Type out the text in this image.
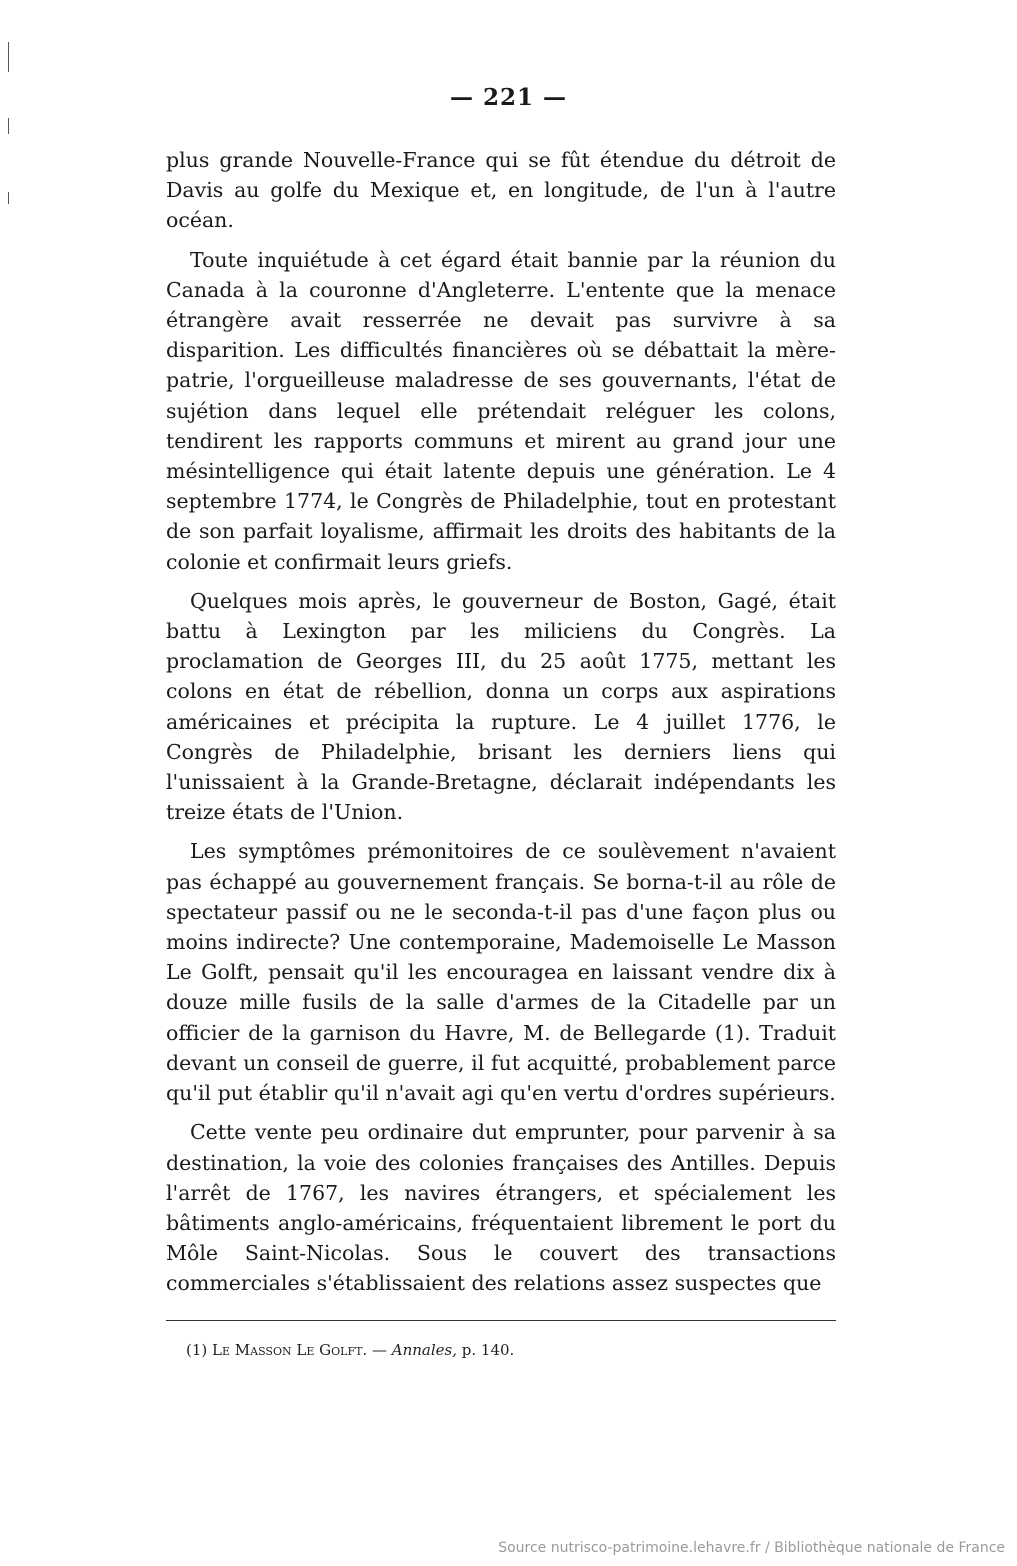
— 221 —

plus grande Nouvelle-France qui se fût étendue du détroit de Davis au golfe du Mexique et, en longitude, de l'un à l'autre océan.

Toute inquiétude à cet égard était bannie par la réunion du Canada à la couronne d'Angleterre. L'entente que la menace étrangère avait resserrée ne devait pas survivre à sa disparition. Les difficultés financières où se débattait la mère-patrie, l'orgueilleuse maladresse de ses gouvernants, l'état de sujétion dans lequel elle prétendait reléguer les colons, tendirent les rapports communs et mirent au grand jour une mésintelligence qui était latente depuis une génération. Le 4 septembre 1774, le Congrès de Philadelphie, tout en protestant de son parfait loyalisme, affirmait les droits des habitants de la colonie et confirmait leurs griefs.

Quelques mois après, le gouverneur de Boston, Gagé, était battu à Lexington par les miliciens du Congrès. La proclamation de Georges III, du 25 août 1775, mettant les colons en état de rébellion, donna un corps aux aspirations américaines et précipita la rupture. Le 4 juillet 1776, le Congrès de Philadelphie, brisant les derniers liens qui l'unissaient à la Grande-Bretagne, déclarait indépendants les treize états de l'Union.

Les symptômes prémonitoires de ce soulèvement n'avaient pas échappé au gouvernement français. Se borna-t-il au rôle de spectateur passif ou ne le seconda-t-il pas d'une façon plus ou moins indirecte? Une contemporaine, Mademoiselle Le Masson Le Golft, pensait qu'il les encouragea en laissant vendre dix à douze mille fusils de la salle d'armes de la Citadelle par un officier de la garnison du Havre, M. de Bellegarde (1). Traduit devant un conseil de guerre, il fut acquitté, probablement parce qu'il put établir qu'il n'avait agi qu'en vertu d'ordres supérieurs.

Cette vente peu ordinaire dut emprunter, pour parvenir à sa destination, la voie des colonies françaises des Antilles. Depuis l'arrêt de 1767, les navires étrangers, et spécialement les bâtiments anglo-américains, fréquentaient librement le port du Môle Saint-Nicolas. Sous le couvert des transactions commerciales s'établissaient des relations assez suspectes que

(1) Le Masson Le Golft. — Annales, p. 140.
Source nutrisco-patrimoine.lehavre.fr / Bibliothèque nationale de France
